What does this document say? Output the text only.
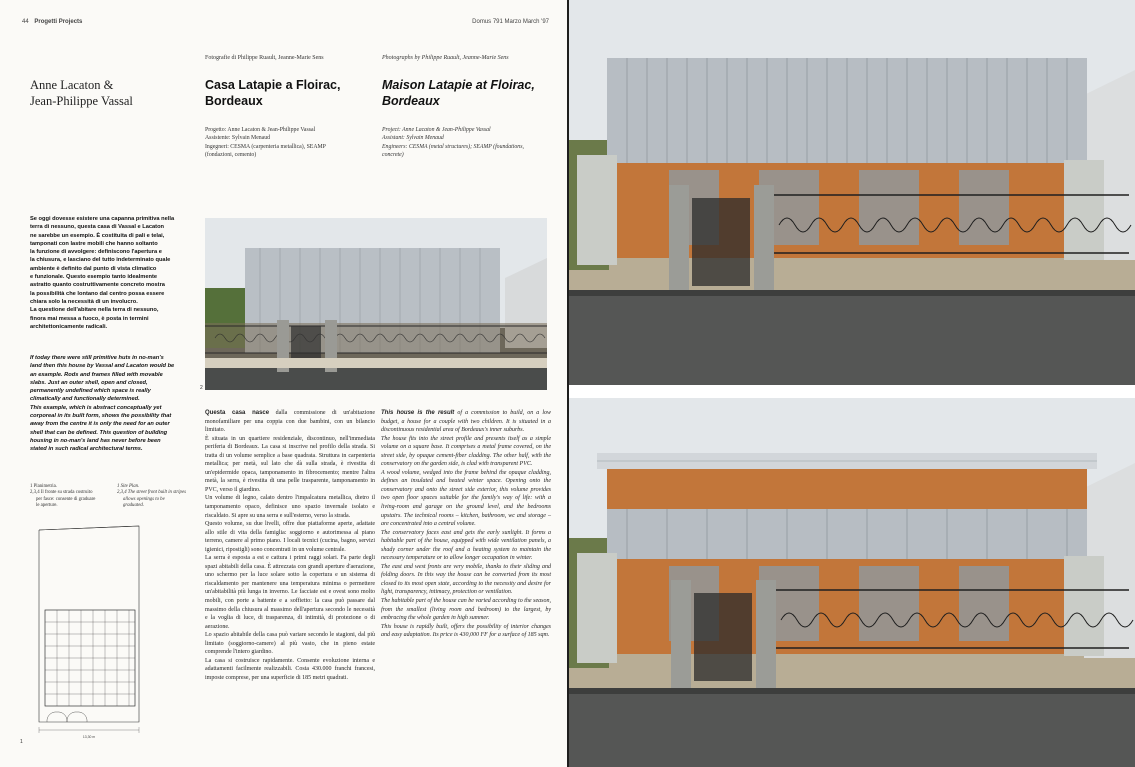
44 Progetti Projects	Domus 791 Marzo March '97
Fotografie di Philippe Ruault, Jeanne-Marie Sens	Photographs by Philippe Ruault, Jeanne-Marie Sens
Anne Lacaton &
Jean-Philippe Vassal
Casa Latapie a Floirac,
Bordeaux
Maison Latapie at Floirac,
Bordeaux
Progetto: Anne Lacaton & Jean-Philippe Vassal
Assistente: Sylvain Menaud
Ingegneri: CESMA (carpenteria metallica), SEAMP
(fondazioni, cemento)
Project: Anne Lacaton & Jean-Philippe Vassal
Assistant: Sylvain Menaud
Engineers: CESMA (metal structures); SEAMP (foundations,
concrete)

Se oggi dovesse esistere una capanna primitiva nella

terra di nessuno, questa casa di Vassal e Lacaton

ne sarebbe un esempio. È costituita di pali e telai,

tamponati con lastre mobili che hanno soltanto

la funzione di avvolgere: definiscono l'apertura e

la chiusura, e lasciano del tutto indeterminato quale

ambiente è definito dal punto di vista climatico

e funzionale. Questo esempio tanto idealmente

astratto quanto costruttivamente concreto mostra

la possibilità che lontano dal centro possa essere

chiara solo la necessità di un involucro.

La questione dell'abitare nella terra di nessuno,

finora mai messa a fuoco, è posta in termini

architettonicamente radicali.

If today there were still primitive huts in no-man's

land then this house by Vassal and Lacaton would be

an example. Rods and frames filled with movable

slabs. Just an outer shell, open and closed,

permanently undefined which space is really

climatically and functionally determined.

This example, which is abstract conceptually yet

corporeal in its built form, shows the possibility that

away from the centre it is only the need for an outer

shell that can be defined. This question of building

housing in no-man's land has never before been

stated in such radical architectural terms.

1 Planimetria.
2,3,4 Il fronte su strada costruito
per fasce: consente di graduare
le aperture.
1 Site Plan.
2,3,4 The street front built in stripes
allows openings to be
graduated.
13,30 m
1
2

Questa casa nasce dalla commissione di un'abitazione monofamiliare per una coppia con due bambini, con un bilancio limitato.

È situata in un quartiere residenziale, discontinuo, nell'immediata periferia di Bordeaux. La casa si inscrive nel profilo della strada. Si tratta di un volume semplice a base quadrata. Struttura in carpenteria metallica; per metà, sul lato che dà sulla strada, è rivestita di un'epidermide opaca, tamponamento in fibrocemento; mentre l'altra metà, la serra, è rivestita di una pelle trasparente, tamponamento in PVC, verso il giardino.

Un volume di legno, calato dentro l'impalcatura metallica, dietro il tamponamento opaco, definisce uno spazio invernale isolato e riscaldato. Si apre su una serra e sull'esterno, verso la strada.

Questo volume, su due livelli, offre due piattaforme aperte, adattate allo stile di vita della famiglia: soggiorno e autorimessa al piano terreno, camere al primo piano. I locali tecnici (cucina, bagno, servizi igienici, ripostigli) sono concentrati in un volume centrale.

La serra è esposta a est e cattura i primi raggi solari. Fa parte degli spazi abitabili della casa. È attrezzata con grandi aperture d'aerazione, uno schermo per la luce solare sotto la copertura e un sistema di riscaldamento per mantenere una temperatura minima o permettere un'abitabilità più lunga in inverno. Le facciate est e ovest sono molto mobili, con porte a battente e a soffietto: la casa può passare dal massimo della chiusura al massimo dell'apertura secondo le necessità e la voglia di luce, di trasparenza, di intimità, di protezione o di aerazione.

Lo spazio abitabile della casa può variare secondo le stagioni, dal più limitato (soggiorno-camere) al più vasto, che in pieno estate comprende l'intero giardino.

La casa si costruisce rapidamente. Consente evoluzione interna e adattamenti facilmente realizzabili. Costa 430.000 franchi francesi, imposte comprese, per una superficie di 185 metri quadrati.

This house is the result of a commission to build, on a low budget, a house for a couple with two children. It is situated in a discontinuous residential area of Bordeaux's inner suburbs.

The house fits into the street profile and presents itself as a simple volume on a square base. It comprises a metal frame covered, on the street side, by opaque cement-fiber cladding. The other half, with the conservatory on the garden side, is clad with transparent PVC.

A wood volume, wedged into the frame behind the opaque cladding, defines an insulated and heated winter space. Opening onto the conservatory and onto the street side exterior, this volume provides two open floor spaces suitable for the family's way of life: with a living-room and garage on the ground level, and the bedrooms upstairs. The technical rooms – kitchen, bathroom, wc and storage – are concentrated into a central volume.

The conservatory faces east and gets the early sunlight. It forms a habitable part of the house, equipped with wide ventilation panels, a shady corner under the roof and a heating system to maintain the necessary temperature or to allow longer occupation in winter.

The east and west fronts are very mobile, thanks to their sliding and folding doors. In this way the house can be converted from its most closed to its most open state, according to the necessity and desire for light, transparency, intimacy, protection or ventilation.

The habitable part of the house can be varied according to the season, from the smallest (living room and bedroom) to the largest, by embracing the whole garden in high summer.

This house is rapidly built, offers the possibility of interior changes and easy adaptation. Its price is 430,000 FF for a surface of 185 sqm.
